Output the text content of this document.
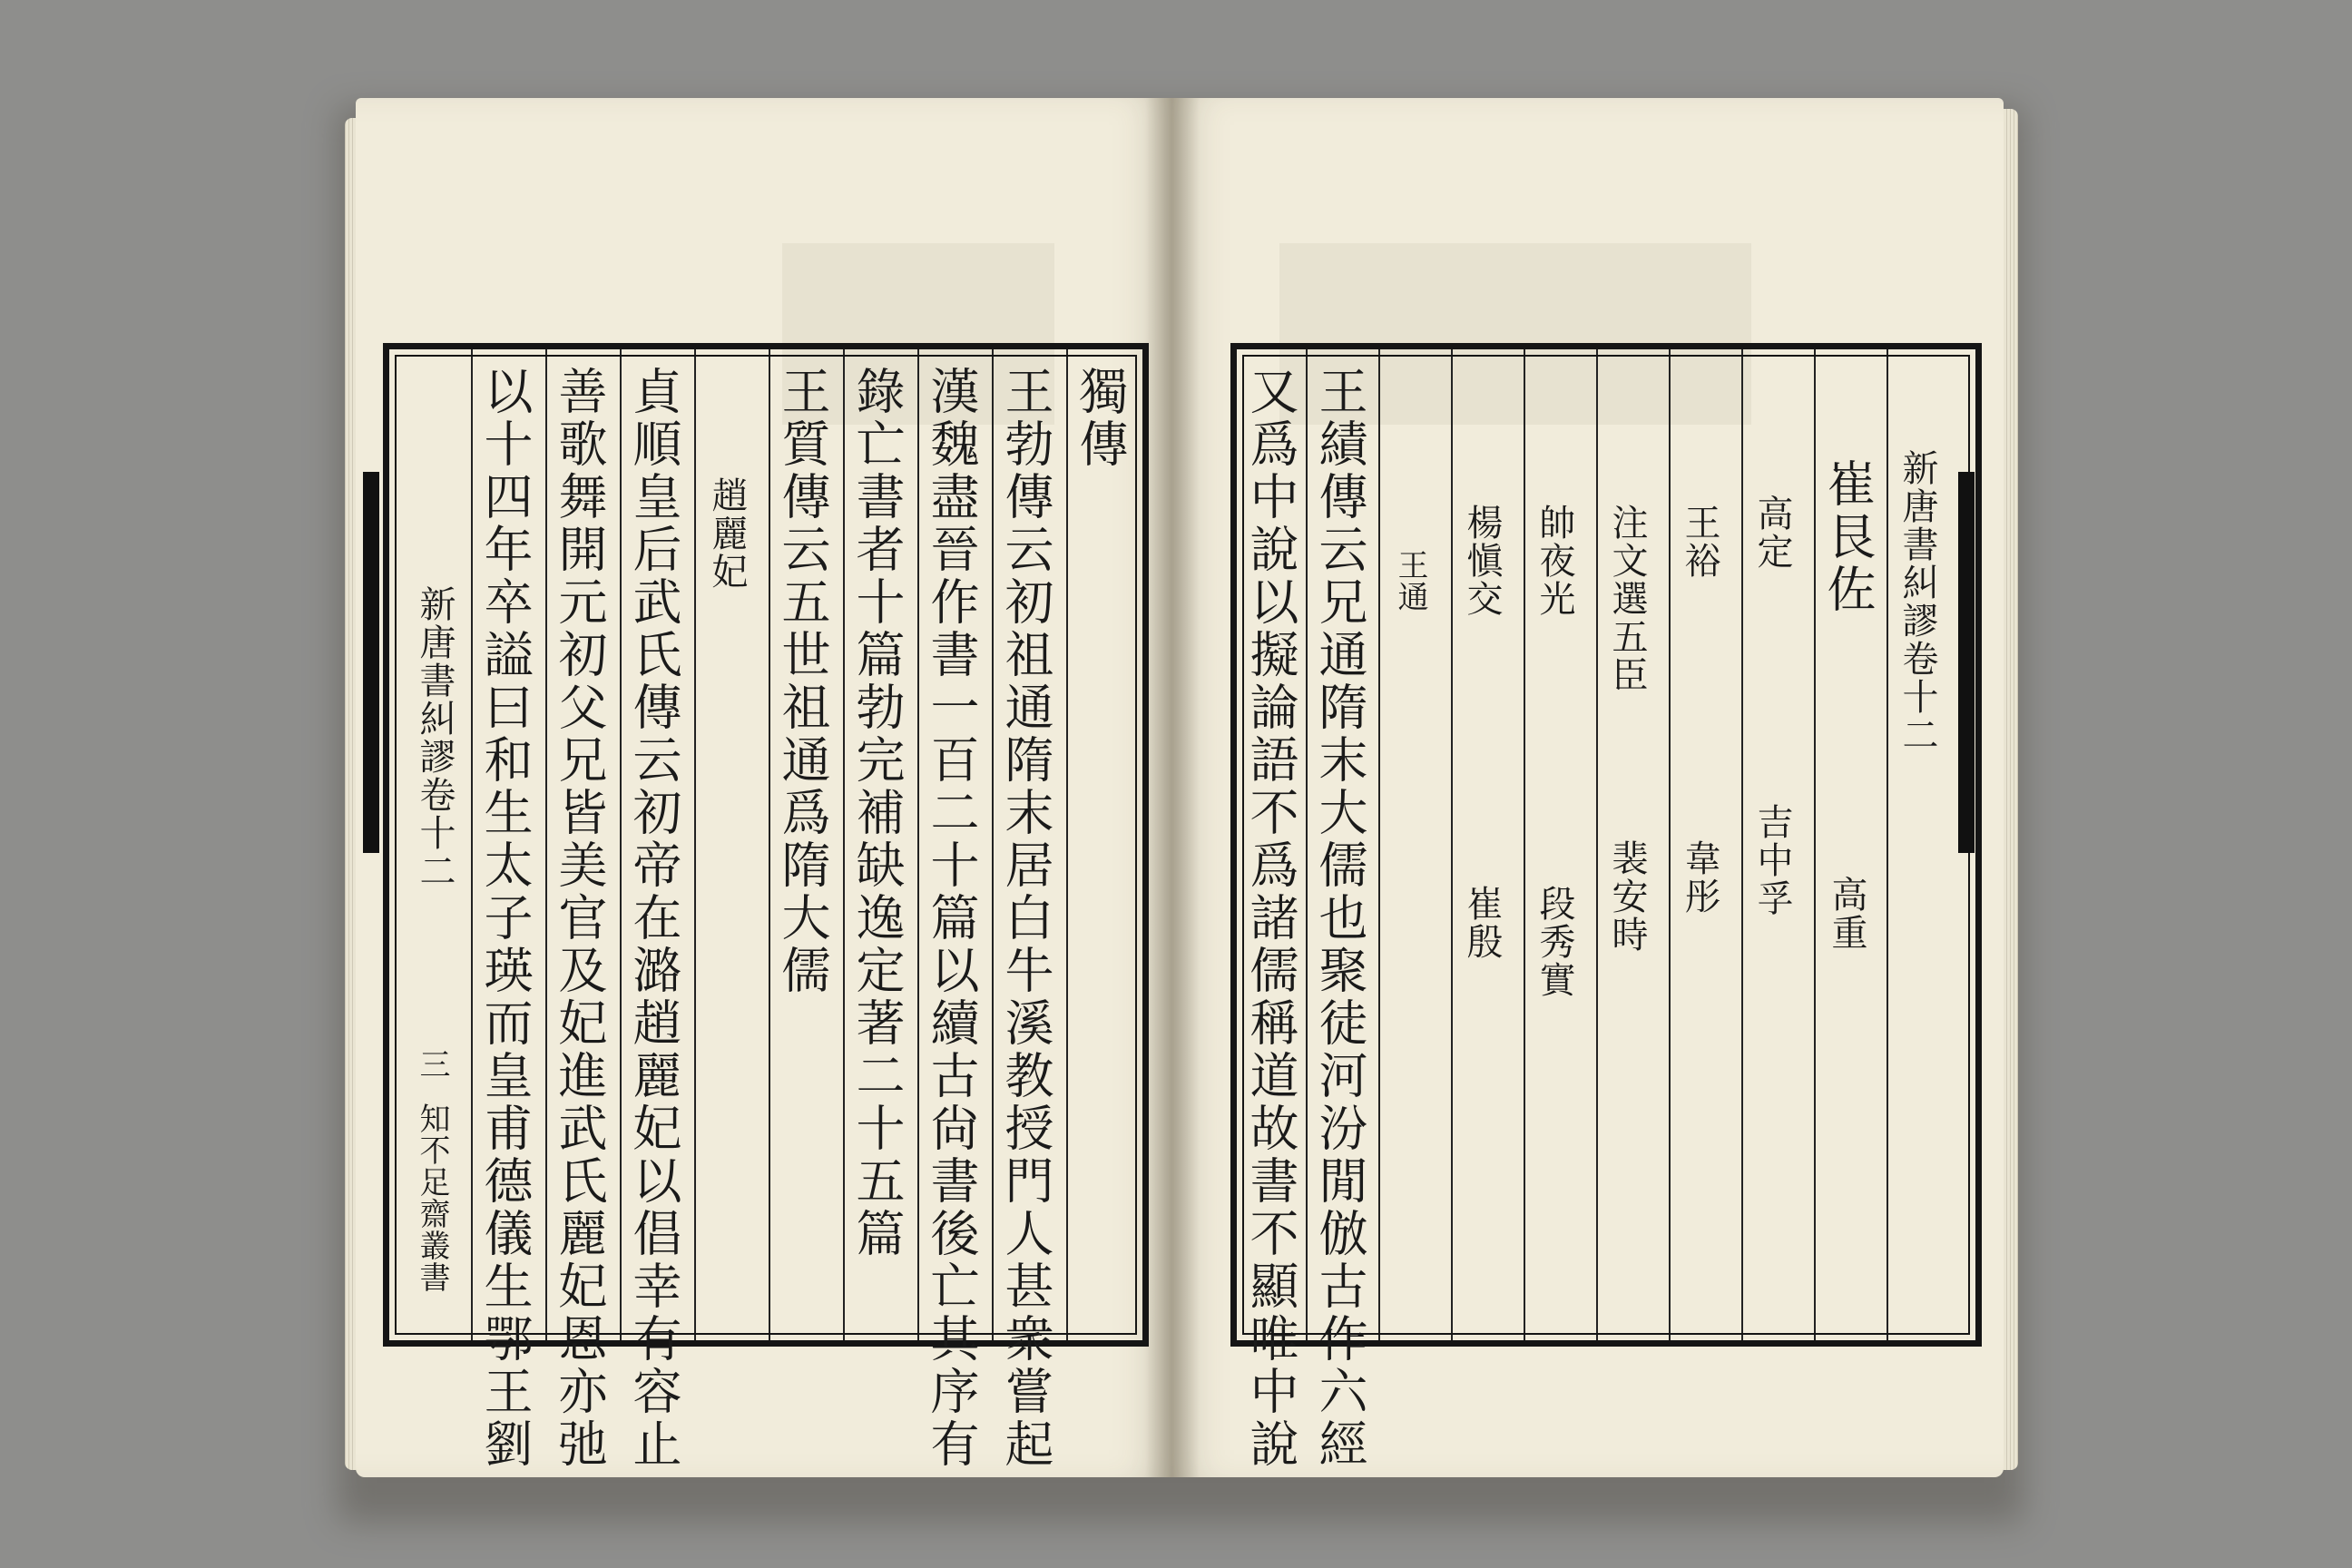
獨傳
王勃傳云初祖通隋末居白牛溪教授門人甚衆嘗起
漢魏盡晉作書一百二十篇以續古尙書後亡其序有
錄亡書者十篇勃完補缺逸定著二十五篇
王質傳云五世祖通爲隋大儒
趙麗妃
貞順皇后武氏傳云初帝在潞趙麗妃以倡幸有容止
善歌舞開元初父兄皆美官及妃進武氏麗妃恩亦弛
以十四年卒謚曰和生太子瑛而皇甫德儀生鄂王劉
新唐書糾謬卷十二
三
知不足齋叢書
新唐書糾謬卷十二
崔艮佐
高重
高定
吉中孚
王裕
韋彤
注文選五臣
裴安時
帥夜光
段秀實
楊愼交
崔殷
王通
王績傳云兄通隋末大儒也聚徒河汾閒倣古作六經
又爲中說以擬論語不爲諸儒稱道故書不顯唯中說
